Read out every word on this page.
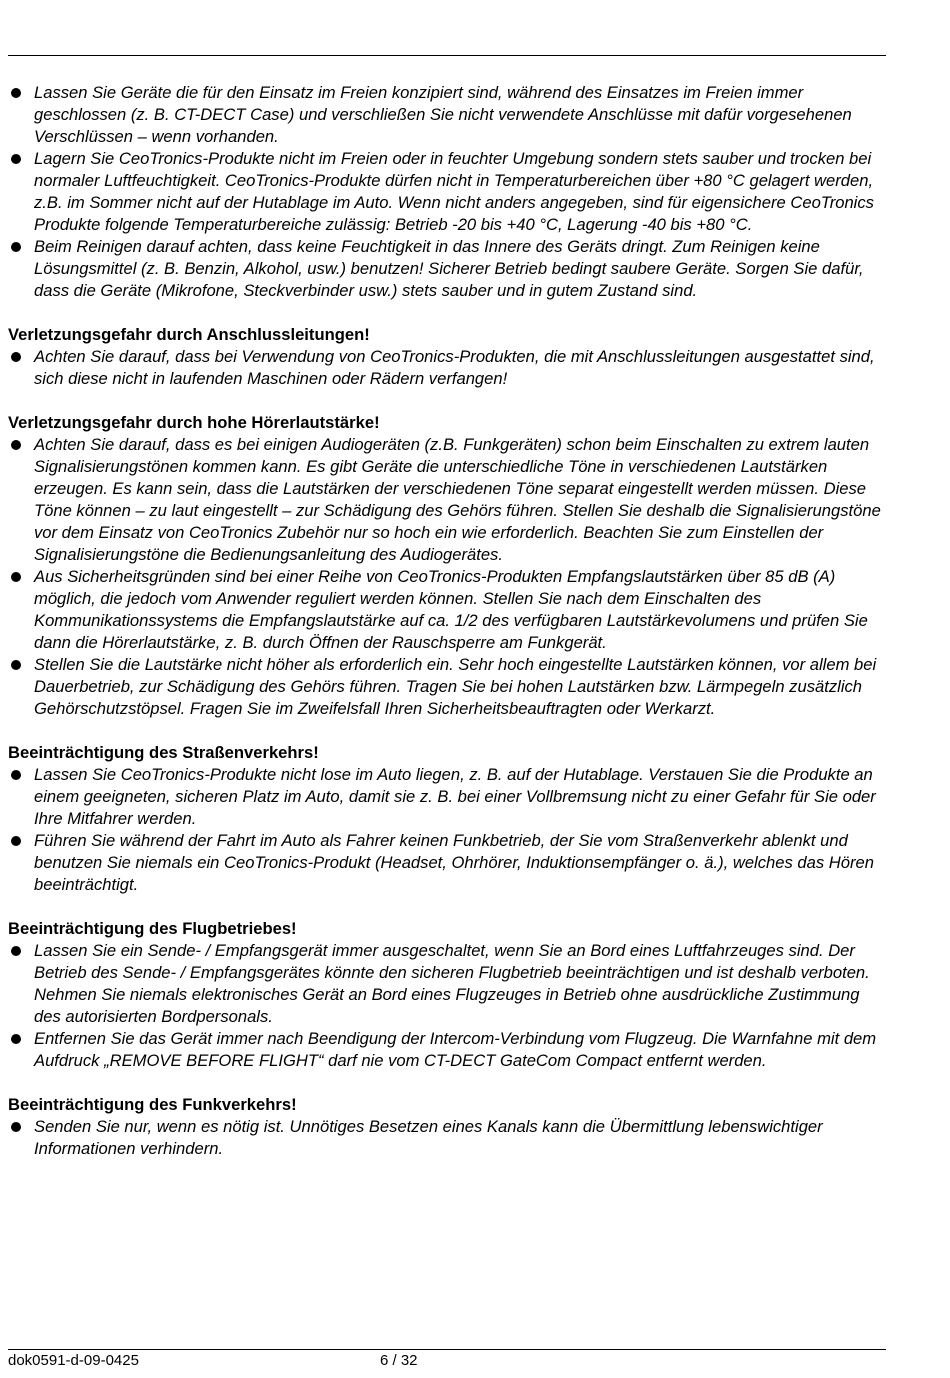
Lassen Sie Geräte die für den Einsatz im Freien konzipiert sind, während des Einsatzes im Freien immer geschlossen (z. B. CT-DECT Case) und verschließen Sie nicht verwendete Anschlüsse mit dafür vorgesehenen Verschlüssen – wenn vorhanden.
Lagern Sie CeoTronics-Produkte nicht im Freien oder in feuchter Umgebung sondern stets sauber und trocken bei normaler Luftfeuchtigkeit. CeoTronics-Produkte dürfen nicht in Temperaturbereichen über +80 °C gelagert werden, z.B. im Sommer nicht auf der Hutablage im Auto. Wenn nicht anders angegeben, sind für eigensichere CeoTronics Produkte folgende Temperaturbereiche zulässig: Betrieb -20 bis +40 °C, Lagerung -40 bis +80 °C.
Beim Reinigen darauf achten, dass keine Feuchtigkeit in das Innere des Geräts dringt. Zum Reinigen keine Lösungsmittel (z. B. Benzin, Alkohol, usw.) benutzen! Sicherer Betrieb bedingt saubere Geräte. Sorgen Sie dafür, dass die Geräte (Mikrofone, Steckverbinder usw.) stets sauber und in gutem Zustand sind.
Verletzungsgefahr durch Anschlussleitungen!
Achten Sie darauf, dass bei Verwendung von CeoTronics-Produkten, die mit Anschlussleitungen ausgestattet sind, sich diese nicht in laufenden Maschinen oder Rädern verfangen!
Verletzungsgefahr durch hohe Hörerlautstärke!
Achten Sie darauf, dass es bei einigen Audiogeräten (z.B. Funkgeräten) schon beim Einschalten zu extrem lauten Signalisierungstönen kommen kann. Es gibt Geräte die unterschiedliche Töne in verschiedenen Lautstärken erzeugen. Es kann sein, dass die Lautstärken der verschiedenen Töne separat eingestellt werden müssen. Diese Töne können – zu laut eingestellt – zur Schädigung des Gehörs führen. Stellen Sie deshalb die Signalisierungstöne vor dem Einsatz von CeoTronics Zubehör nur so hoch ein wie erforderlich. Beachten Sie zum Einstellen der Signalisierungstöne die Bedienungsanleitung des Audiogerätes.
Aus Sicherheitsgründen sind bei einer Reihe von CeoTronics-Produkten Empfangslautstärken über 85 dB (A) möglich, die jedoch vom Anwender reguliert werden können. Stellen Sie nach dem Einschalten des Kommunikationssystems die Empfangslautstärke auf ca. 1/2 des verfügbaren Lautstärkevolumens und prüfen Sie dann die Hörerlautstärke, z. B. durch Öffnen der Rauschsperre am Funkgerät.
Stellen Sie die Lautstärke nicht höher als erforderlich ein. Sehr hoch eingestellte Lautstärken können, vor allem bei Dauerbetrieb, zur Schädigung des Gehörs führen. Tragen Sie bei hohen Lautstärken bzw. Lärmpegeln zusätzlich Gehörschutzstöpsel. Fragen Sie im Zweifelsfall Ihren Sicherheitsbeauftragten oder Werkarzt.
Beeinträchtigung des Straßenverkehrs!
Lassen Sie CeoTronics-Produkte nicht lose im Auto liegen, z. B. auf der Hutablage. Verstauen Sie die Produkte an einem geeigneten, sicheren Platz im Auto, damit sie z. B. bei einer Vollbremsung nicht zu einer Gefahr für Sie oder Ihre Mitfahrer werden.
Führen Sie während der Fahrt im Auto als Fahrer keinen Funkbetrieb, der Sie vom Straßenverkehr ablenkt und benutzen Sie niemals ein CeoTronics-Produkt (Headset, Ohrhörer, Induktionsempfänger o. ä.), welches das Hören beeinträchtigt.
Beeinträchtigung des Flugbetriebes!
Lassen Sie ein Sende- / Empfangsgerät immer ausgeschaltet, wenn Sie an Bord eines Luftfahrzeuges sind. Der Betrieb des Sende- / Empfangsgerätes könnte den sicheren Flugbetrieb beeinträchtigen und ist deshalb verboten. Nehmen Sie niemals elektronisches Gerät an Bord eines Flugzeuges in Betrieb ohne ausdrückliche Zustimmung des autorisierten Bordpersonals.
Entfernen Sie das Gerät immer nach Beendigung der Intercom-Verbindung vom Flugzeug. Die Warnfahne mit dem Aufdruck „REMOVE BEFORE FLIGHT“ darf nie vom CT-DECT GateCom Compact entfernt werden.
Beeinträchtigung des Funkverkehrs!
Senden Sie nur, wenn es nötig ist. Unnötiges Besetzen eines Kanals kann die Übermittlung lebenswichtiger Informationen verhindern.
dok0591-d-09-0425	6 / 32
